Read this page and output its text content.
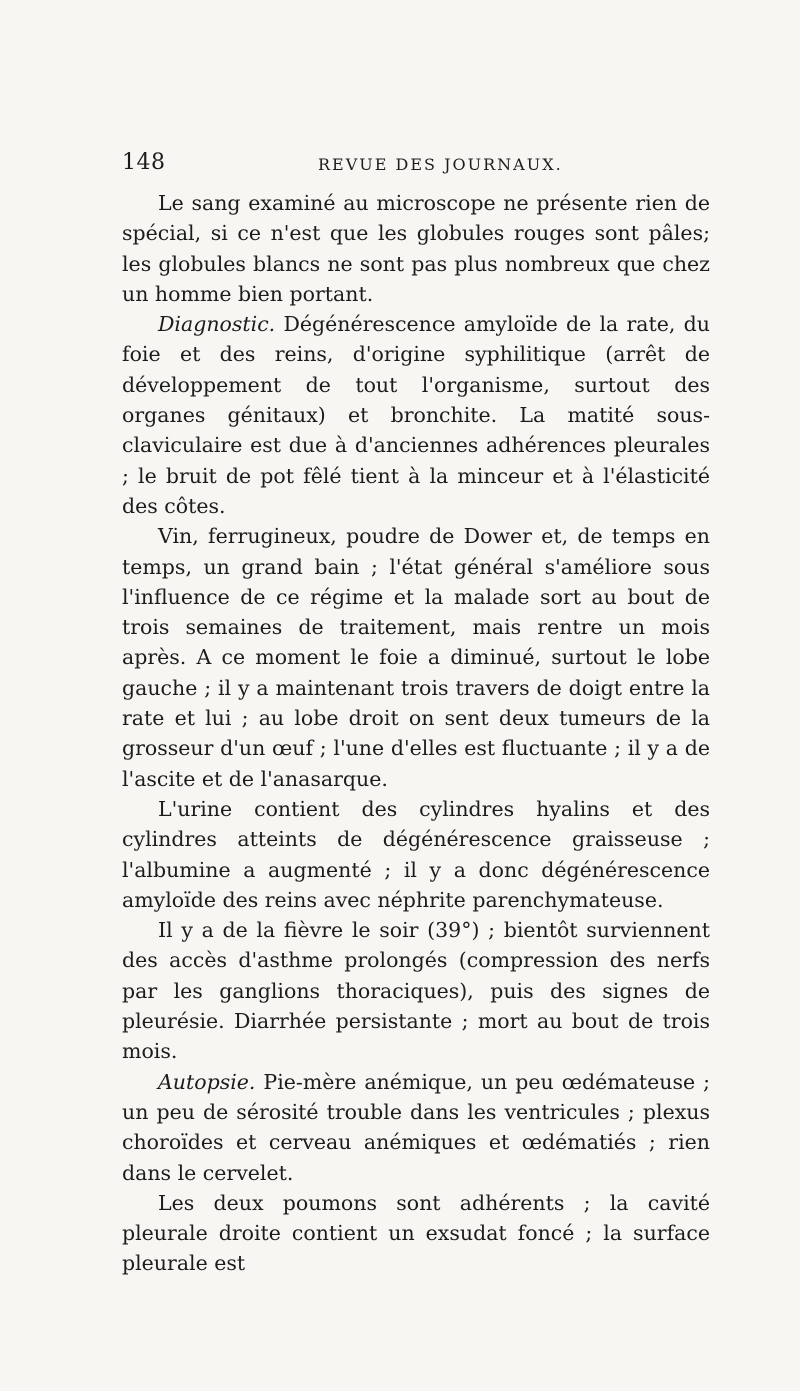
148	REVUE DES JOURNAUX.

Le sang examiné au microscope ne présente rien de spécial, si ce n'est que les globules rouges sont pâles; les globules blancs ne sont pas plus nombreux que chez un homme bien portant.

Diagnostic. Dégénérescence amyloïde de la rate, du foie et des reins, d'origine syphilitique (arrêt de développement de tout l'organisme, surtout des organes génitaux) et bronchite. La matité sous-claviculaire est due à d'anciennes adhérences pleurales ; le bruit de pot fêlé tient à la minceur et à l'élasticité des côtes.

Vin, ferrugineux, poudre de Dower et, de temps en temps, un grand bain ; l'état général s'améliore sous l'influence de ce régime et la malade sort au bout de trois semaines de traitement, mais rentre un mois après. A ce moment le foie a diminué, surtout le lobe gauche ; il y a maintenant trois travers de doigt entre la rate et lui ; au lobe droit on sent deux tumeurs de la grosseur d'un œuf ; l'une d'elles est fluctuante ; il y a de l'ascite et de l'anasarque.

L'urine contient des cylindres hyalins et des cylindres atteints de dégénérescence graisseuse ; l'albumine a augmenté ; il y a donc dégénérescence amyloïde des reins avec néphrite parenchymateuse.

Il y a de la fièvre le soir (39°) ; bientôt surviennent des accès d'asthme prolongés (compression des nerfs par les ganglions thoraciques), puis des signes de pleurésie. Diarrhée persistante ; mort au bout de trois mois.

Autopsie. Pie-mère anémique, un peu œdémateuse ; un peu de sérosité trouble dans les ventricules ; plexus choroïdes et cerveau anémiques et œdématiés ; rien dans le cervelet.

Les deux poumons sont adhérents ; la cavité pleurale droite contient un exsudat foncé ; la surface pleurale est
